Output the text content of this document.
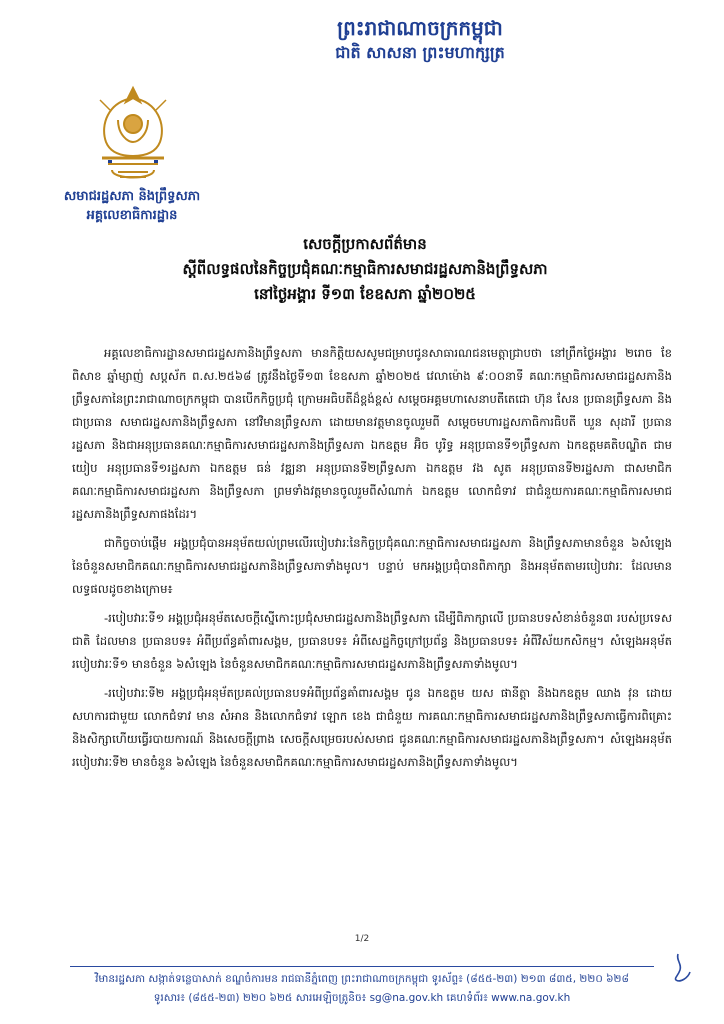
ព្រះរាជាណាចក្រកម្ពុជា
ជាតិ សាសនា ព្រះមហាក្សត្រ
សមាជរដ្ឋសភា និងព្រឹទ្ធសភា
អគ្គលេខាធិការដ្ឋាន
សេចក្តីប្រកាសព័ត៌មាន
ស្តីពីលទ្ធផលនៃកិច្ចប្រជុំគណៈកម្មាធិការសមាជរដ្ឋសភានិងព្រឹទ្ធសភា
នៅថ្ងៃអង្គារ ទី១៣ ខែឧសភា ឆ្នាំ២០២៥

អគ្គលេខាធិការដ្ឋានសមាជរដ្ឋសភានិងព្រឹទ្ធសភា មានកិត្តិយសសូមជម្រាបជូនសាធារណជនមេត្តាជ្រាបថា នៅព្រឹកថ្ងៃអង្គារ ២រោច ខែពិសាខ ឆ្នាំម្សាញ់ សប្តស័ក ព.ស.២៥៦៨ ត្រូវនឹងថ្ងៃទី១៣ ខែឧសភា ឆ្នាំ២០២៥ វេលាម៉ោង ៩:០០នាទី គណៈកម្មាធិការសមាជរដ្ឋសភានិងព្រឹទ្ធសភានៃព្រះរាជាណាចក្រកម្ពុជា បានបើកកិច្ចប្រជុំ ក្រោមអធិបតីដ៏ខ្ពង់ខ្ពស់ សម្តេចអគ្គមហាសេនាបតីតេជោ ហ៊ុន សែន ប្រធានព្រឹទ្ធសភា និងជាប្រធាន សមាជរដ្ឋសភានិងព្រឹទ្ធសភា នៅវិមានព្រឹទ្ធសភា ដោយមានវត្តមានចូលរួមពី សម្តេចមហារដ្ឋសភាធិការធិបតី ឃួន សុដារី ប្រធានរដ្ឋសភា និងជាអនុប្រធានគណៈកម្មាធិការសមាជរដ្ឋសភានិងព្រឹទ្ធសភា ឯកឧត្តម អ៊ិច បូរិទ្ធ អនុប្រធានទី១ព្រឹទ្ធសភា ឯកឧត្តមគតិបណ្ឌិត ជាម យៀប អនុប្រធានទី១រដ្ឋសភា ឯកឧត្តម ធន់ វឌ្ឍនា អនុប្រធានទី២ព្រឹទ្ធសភា ឯកឧត្តម វង សូត អនុប្រធានទី២រដ្ឋសភា ជាសមាជិកគណៈកម្មាធិការសមាជរដ្ឋសភា និងព្រឹទ្ធសភា ព្រមទាំងវត្តមានចូលរួមពីសំណាក់ ឯកឧត្តម លោកជំទាវ ជាជំនួយការគណៈកម្មាធិការសមាជ រដ្ឋសភានិងព្រឹទ្ធសភាផងដែរ។

ជាកិច្ចចាប់ផ្តើម អង្គប្រជុំបានអនុម័តយល់ព្រមលើរបៀបវារៈនៃកិច្ចប្រជុំគណៈកម្មាធិការសមាជរដ្ឋសភា និងព្រឹទ្ធសភាមានចំនួន ៦សំឡេងនៃចំនួនសមាជិកគណៈកម្មាធិការសមាជរដ្ឋសភានិងព្រឹទ្ធសភាទាំងមូល។ បន្ទាប់ មកអង្គប្រជុំបានពិភាក្សា និងអនុម័តតាមរបៀបវារៈ ដែលមានលទ្ធផលដូចខាងក្រោម៖

-របៀបវារៈទី១ អង្គប្រជុំអនុម័តសេចក្តីស្នើកោះប្រជុំសមាជរដ្ឋសភានិងព្រឹទ្ធសភា ដើម្បីពិភាក្សាលើ ប្រធានបទសំខាន់ចំនួន៣ របស់ប្រទេសជាតិ ដែលមាន ប្រធានបទ៖ អំពីប្រព័ន្ធគាំពារសង្គម, ប្រធានបទ៖ អំពីសេដ្ឋកិច្ចក្រៅប្រព័ន្ធ និងប្រធានបទ៖ អំពីវិស័យកសិកម្ម។ សំឡេងអនុម័តរបៀបវារៈទី១ មានចំនួន ៦សំឡេង នៃចំនួនសមាជិកគណៈកម្មាធិការសមាជរដ្ឋសភានិងព្រឹទ្ធសភាទាំងមូល។

-របៀបវារៈទី២ អង្គប្រជុំអនុម័តប្រគល់ប្រធានបទអំពីប្រព័ន្ធគាំពារសង្គម ជូន ឯកឧត្តម យស ផានីត្តា និងឯកឧត្តម ឈាង វុន ដោយសហការជាមួយ លោកជំទាវ មាន សំអាន និងលោកជំទាវ ឡោក ខេង ជាជំនួយ ការគណៈកម្មាធិការសមាជរដ្ឋសភានិងព្រឹទ្ធសភាធ្វើការពិគ្រោះនិងសិក្សាហើយធ្វើរបាយការណ៍ និងសេចក្តីព្រាង សេចក្តីសម្រេចរបស់សមាជ ជូនគណៈកម្មាធិការសមាជរដ្ឋសភានិងព្រឹទ្ធសភា។ សំឡេងអនុម័តរបៀបវារៈទី២ មានចំនួន ៦សំឡេង នៃចំនួនសមាជិកគណៈកម្មាធិការសមាជរដ្ឋសភានិងព្រឹទ្ធសភាទាំងមូល។

1/2
វិមានរដ្ឋសភា សង្កាត់ទន្លេបាសាក់ ខណ្ឌចំការមន រាជធានីភ្នំពេញ ព្រះរាជាណាចក្រកម្ពុជា ទូរស័ព្ទ៖ (៨៥៥-២៣) ២១៣ ៨៣៥, ២២០ ៦២៨
ទូរសារ៖ (៨៥៥-២៣) ២២០ ៦២៥ សារអេឡិចត្រូនិច៖ sg@na.gov.kh គេហទំព័រ៖ www.na.gov.kh
